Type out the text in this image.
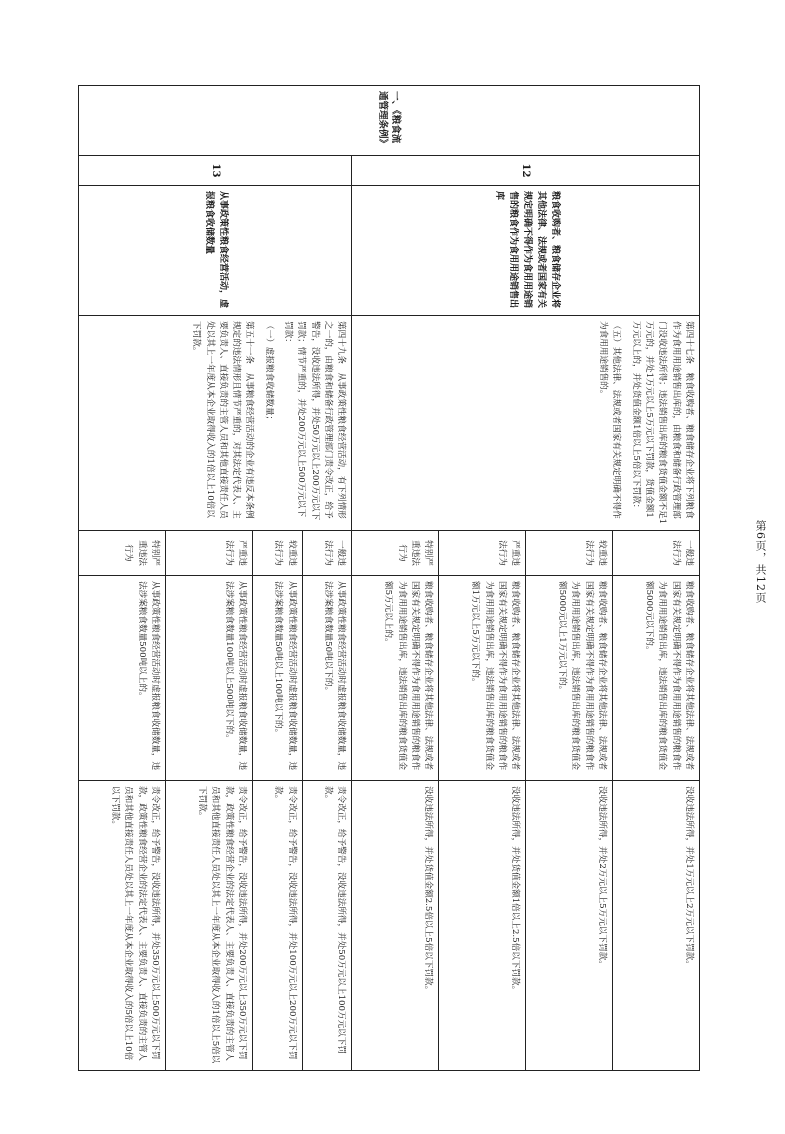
一、《粮食流通管理条例》	12	粮食收购者、粮食储存企业将其他法律、法规或者国家有关规定明确不得作为食用用途销售的粮食作为食用用途销售出库	第四十七条　粮食收购者、粮食储存企业将下列粮食作为食用用途销售出库的，由粮食和储备行政管理部门没收违法所得；违法销售出库的粮食货值金额不足1万元的，并处1万元以上5万元以下罚款，货值金额1万元以上的，并处货值金额1倍以上5倍以下罚款：
（五）其他法律、法规或者国家有关规定明确不得作为食用用途销售的。	一般违法行为	粮食收购者、粮食储存企业将其他法律、法规或者国家有关规定明确不得作为食用用途销售的粮食作为食用用途销售出库，违法销售出库的粮食货值金额5000元以下的。	没收违法所得，并处1万元以上2万元以下罚款。
				较重违法行为	粮食收购者、粮食储存企业将其他法律、法规或者国家有关规定明确不得作为食用用途销售的粮食作为食用用途销售出库，违法销售出库的粮食货值金额5000元以上1万元以下的。	没收违法所得，并处2万元以上5万元以下罚款。
				严重违法行为	粮食收购者、粮食储存企业将其他法律、法规或者国家有关规定明确不得作为食用用途销售的粮食作为食用用途销售出库，违法销售出库的粮食货值金额1万元以上5万元以下的。	没收违法所得，并处货值金额1倍以上2.5倍以下罚款。
				特别严重违法行为	粮食收购者、粮食储存企业将其他法律、法规或者国家有关规定明确不得作为食用用途销售的粮食作为食用用途销售出库，违法销售出库的粮食货值金额5万元以上的。	没收违法所得，并处货值金额2.5倍以上5倍以下罚款。
	13	从事政策性粮食经营活动，虚报粮食收储数量	第四十九条　从事政策性粮食经营活动，有下列情形之一的，由粮食和储备行政管理部门责令改正，给予警告，没收违法所得，并处50万元以上200万元以下罚款；情节严重的，并处200万元以上500万元以下罚款：
（一）虚报粮食收储数量；
第五十一条　从事粮食经营活动的企业有违反本条例规定的违法情形且情节严重的，对其法定代表人、主要负责人、直接负责的主管人员和其他直接责任人员处以其上一年度从本企业取得收入的1倍以上10倍以下罚款。	一般违法行为	从事政策性粮食经营活动时虚报粮食收储数量，违法涉案粮食数量50吨以下的。	责令改正，给予警告，没收违法所得，并处50万元以上100万元以下罚款。
				较重违法行为	从事政策性粮食经营活动时虚报粮食收储数量，违法涉案粮食数量50吨以上100吨以下的。	责令改正，给予警告，没收违法所得，并处100万元以上200万元以下罚款。
				严重违法行为	从事政策性粮食经营活动时虚报粮食收储数量，违法涉案粮食数量100吨以上500吨以下的。	责令改正，给予警告，没收违法所得，并处200万元以上350万元以下罚款，政策性粮食经营企业的法定代表人、主要负责人、直接负责的主管人员和其他直接责任人员处以其上一年度从本企业取得收入的1倍以上5倍以下罚款。
				特别严重违法行为	从事政策性粮食经营活动时虚报粮食收储数量，违法涉案粮食数量500吨以上的。	责令改正，给予警告，没收违法所得，并处350万元以上500万元以下罚款，政策性粮食经营企业的法定代表人、主要负责人、直接负责的主管人员和其他直接责任人员处以其上一年度从本企业取得收入的5倍以上10倍以下罚款。
第6页，共12页
